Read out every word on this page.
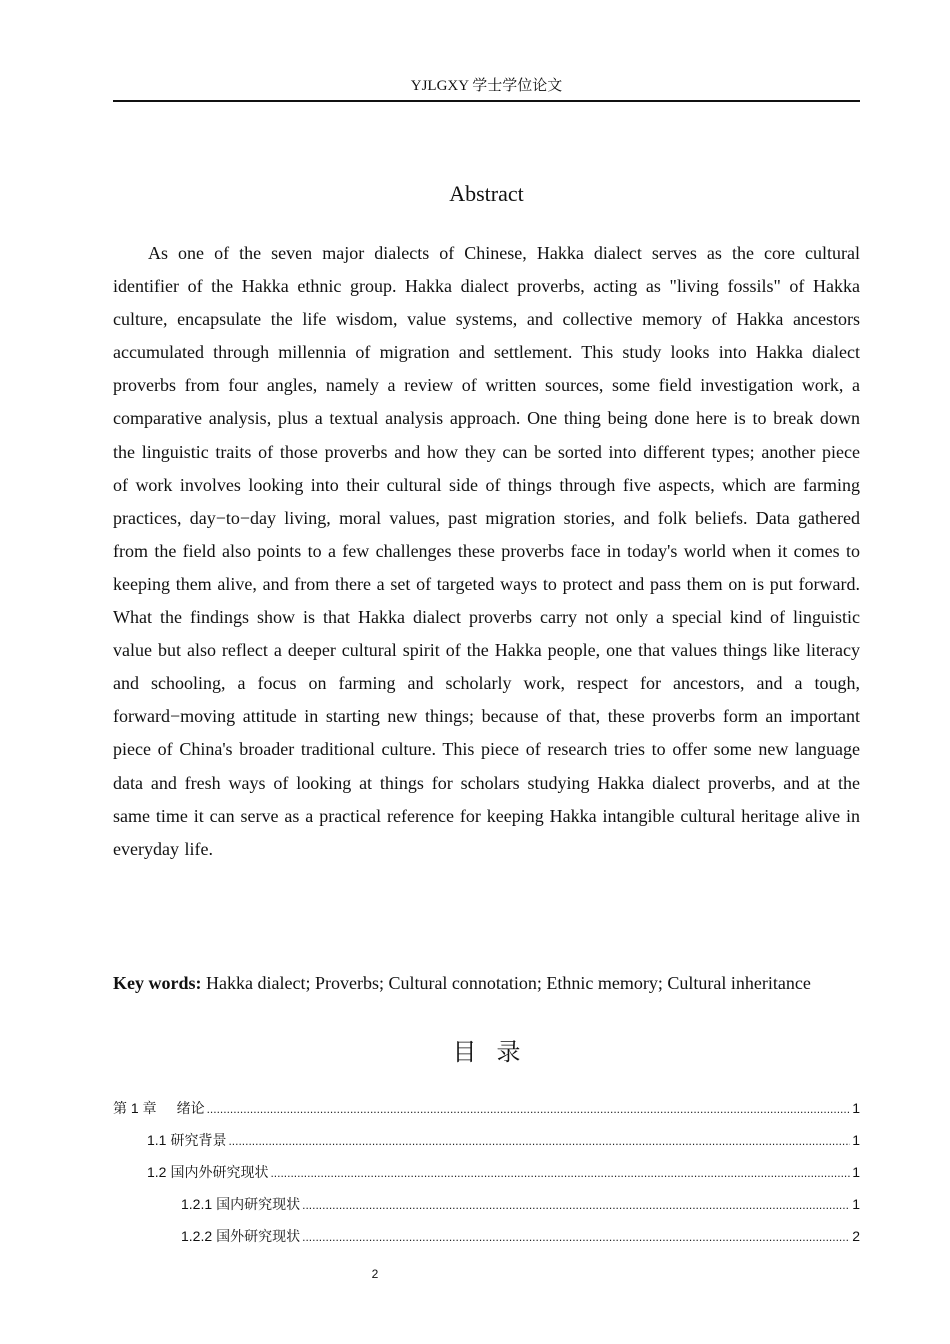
YJLGXY 学士学位论文
Abstract

As one of the seven major dialects of Chinese, Hakka dialect serves as the core cultural identifier of the Hakka ethnic group. Hakka dialect proverbs, acting as "living fossils" of Hakka culture, encapsulate the life wisdom, value systems, and collective memory of Hakka ancestors accumulated through millennia of migration and settlement. This study looks into Hakka dialect proverbs from four angles, namely a review of written sources, some field investigation work, a comparative analysis, plus a textual analysis approach. One thing being done here is to break down the linguistic traits of those proverbs and how they can be sorted into different types; another piece of work involves looking into their cultural side of things through five aspects, which are farming practices, day−to−day living, moral values, past migration stories, and folk beliefs. Data gathered from the field also points to a few challenges these proverbs face in today's world when it comes to keeping them alive, and from there a set of targeted ways to protect and pass them on is put forward. What the findings show is that Hakka dialect proverbs carry not only a special kind of linguistic value but also reflect a deeper cultural spirit of the Hakka people, one that values things like literacy and schooling, a focus on farming and scholarly work, respect for ancestors, and a tough, forward−moving attitude in starting new things; because of that, these proverbs form an important piece of China's broader traditional culture. This piece of research tries to offer some new language data and fresh ways of looking at things for scholars studying Hakka dialect proverbs, and at the same time it can serve as a practical reference for keeping Hakka intangible cultural heritage alive in everyday life.

Key words: Hakka dialect; Proverbs; Cultural connotation; Ethnic memory; Cultural inheritance

目录
第 1 章 绪论 .....	1
1.1 研究背景 .....	1
1.2 国内外研究现状 .....	1
1.2.1 国内研究现状 .....	1
1.2.2 国外研究现状 .....	2
2
